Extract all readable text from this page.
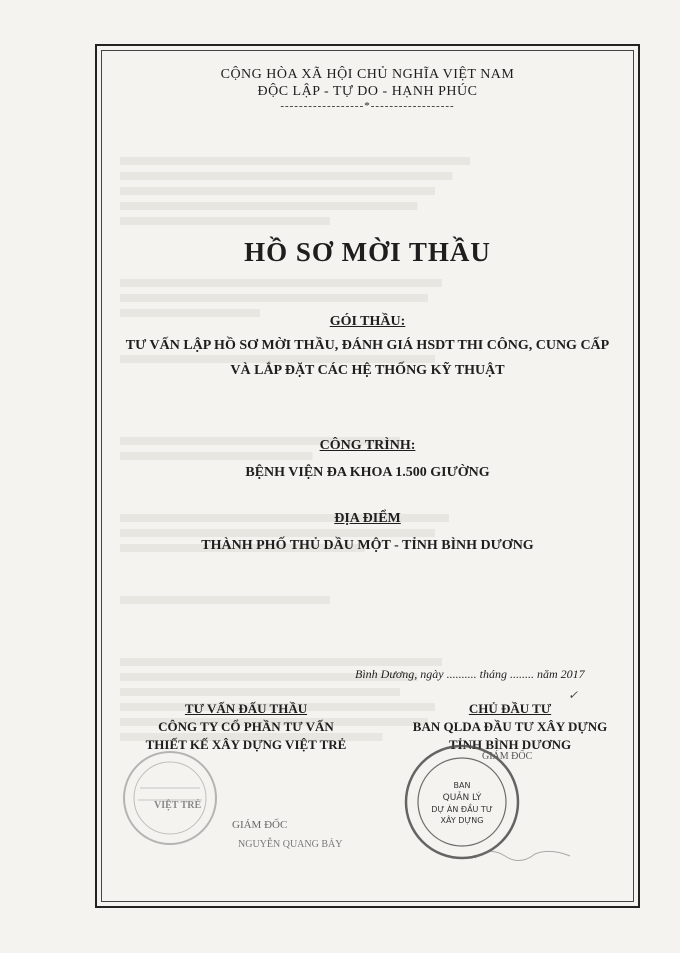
CỘNG HÒA XÃ HỘI CHỦ NGHĨA VIỆT NAM
ĐỘC LẬP - TỰ DO - HẠNH PHÚC
------------------*------------------
HỒ SƠ MỜI THẦU
GÓI THẦU:
TƯ VẤN LẬP HỒ SƠ MỜI THẦU, ĐÁNH GIÁ HSDT THI CÔNG, CUNG CẤP
VÀ LẮP ĐẶT CÁC HỆ THỐNG KỸ THUẬT
CÔNG TRÌNH:
BỆNH VIỆN ĐA KHOA 1.500 GIƯỜNG
ĐỊA ĐIỂM
THÀNH PHỐ THỦ DẦU MỘT - TỈNH BÌNH DƯƠNG
Bình Dương, ngày .......... tháng ........ năm 2017
TƯ VẤN ĐẤU THẦU
CÔNG TY CỔ PHẦN TƯ VẤN
THIẾT KẾ XÂY DỰNG VIỆT TRẺ
CHỦ ĐẦU TƯ
BAN QLDA ĐẦU TƯ XÂY DỰNG
TỈNH BÌNH DƯƠNG
VIỆT TRẺ
GIÁM ĐỐC
NGUYỄN QUANG BẢY
BAN
QUẢN LÝ
DỰ ÁN ĐẦU TƯ
XÂY DỰNG
GIÁM ĐỐC
✓
